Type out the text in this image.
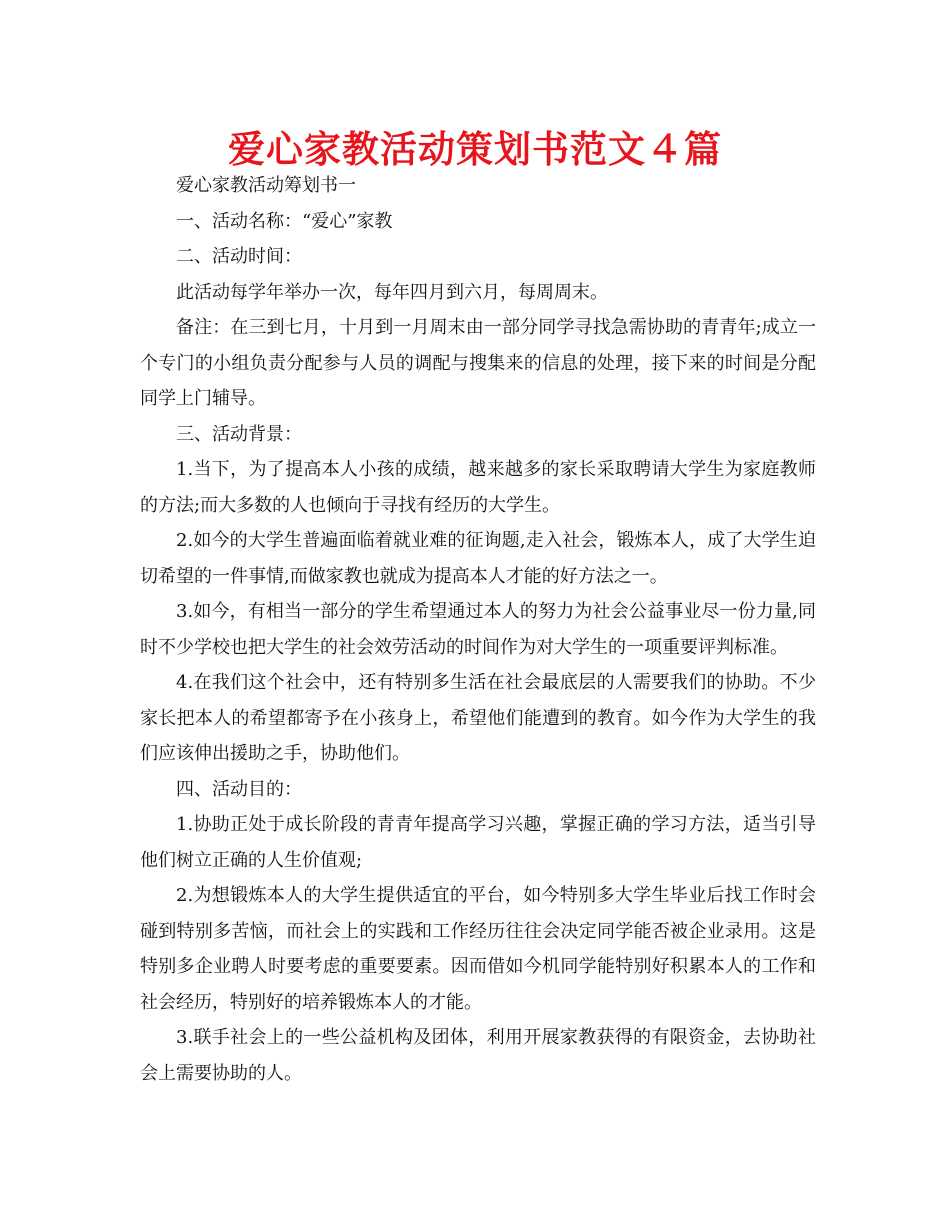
爱心家教活动策划书范文４篇

爱心家教活动筹划书一

一、活动名称：“爱心”家教

二、活动时间：

此活动每学年举办一次，每年四月到六月，每周周末。

备注：在三到七月，十月到一月周末由一部分同学寻找急需协助的青青年;成立一个专门的小组负责分配参与人员的调配与搜集来的信息的处理，接下来的时间是分配同学上门辅导。

三、活动背景：

1.当下，为了提高本人小孩的成绩，越来越多的家长采取聘请大学生为家庭教师的方法;而大多数的人也倾向于寻找有经历的大学生。

2.如今的大学生普遍面临着就业难的征询题,走入社会，锻炼本人，成了大学生迫切希望的一件事情,而做家教也就成为提高本人才能的好方法之一。

3.如今，有相当一部分的学生希望通过本人的努力为社会公益事业尽一份力量,同时不少学校也把大学生的社会效劳活动的时间作为对大学生的一项重要评判标准。

4.在我们这个社会中，还有特别多生活在社会最底层的人需要我们的协助。不少家长把本人的希望都寄予在小孩身上，希望他们能遭到的教育。如今作为大学生的我们应该伸出援助之手，协助他们。

四、活动目的：

1.协助正处于成长阶段的青青年提高学习兴趣，掌握正确的学习方法，适当引导他们树立正确的人生价值观;

2.为想锻炼本人的大学生提供适宜的平台，如今特别多大学生毕业后找工作时会碰到特别多苦恼，而社会上的实践和工作经历往往会决定同学能否被企业录用。这是特别多企业聘人时要考虑的重要要素。因而借如今机同学能特别好积累本人的工作和社会经历，特别好的培养锻炼本人的才能。

3.联手社会上的一些公益机构及团体，利用开展家教获得的有限资金，去协助社会上需要协助的人。
